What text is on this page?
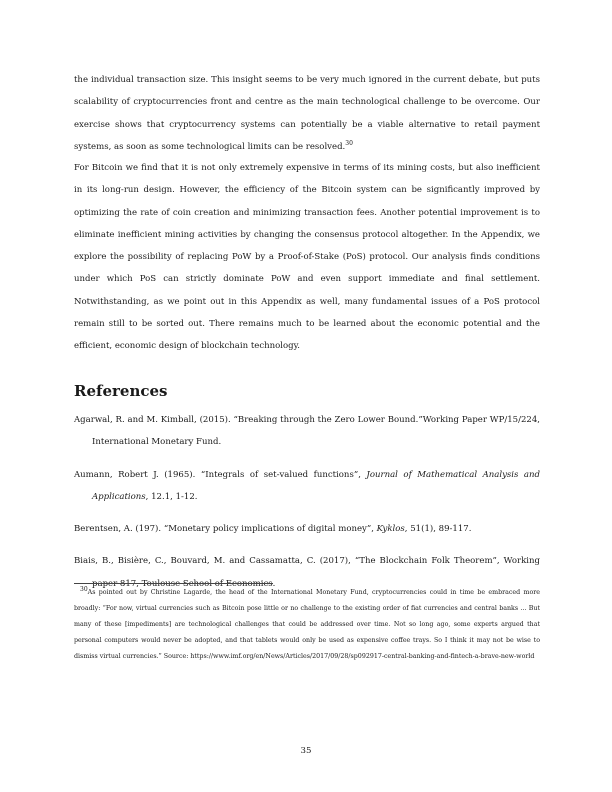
the individual transaction size. This insight seems to be very much ignored in the current debate, but puts scalability of cryptocurrencies front and centre as the main technological challenge to be overcome. Our exercise shows that cryptocurrency systems can potentially be a viable alternative to retail payment systems, as soon as some technological limits can be resolved.$^{30}$

For Bitcoin we find that it is not only extremely expensive in terms of its mining costs, but also inefficient in its long-run design. However, the efficiency of the Bitcoin system can be significantly improved by optimizing the rate of coin creation and minimizing transaction fees. Another potential improvement is to eliminate inefficient mining activities by changing the consensus protocol altogether. In the Appendix, we explore the possibility of replacing PoW by a Proof-of-Stake (PoS) protocol. Our analysis finds conditions under which PoS can strictly dominate PoW and even support immediate and final settlement. Notwithstanding, as we point out in this Appendix as well, many fundamental issues of a PoS protocol remain still to be sorted out. There remains much to be learned about the economic potential and the efficient, economic design of blockchain technology.

References

Agarwal, R. and M. Kimball, (2015). “Breaking through the Zero Lower Bound.”Working Paper WP/15/224, International Monetary Fund.

Aumann, Robert J. (1965). “Integrals of set-valued functions”, Journal of Mathematical Analysis and Applications, 12.1, 1-12.

Berentsen, A. (197). “Monetary policy implications of digital money”, Kyklos, 51(1), 89-117.

Biais, B., Bisière, C., Bouvard, M. and Cassamatta, C. (2017), “The Blockchain Folk Theorem”, Working paper 817, Toulouse School of Economics.

$^{30}$As pointed out by Christine Lagarde, the head of the International Monetary Fund, cryptocurrencies could in time be embraced more broadly: “For now, virtual currencies such as Bitcoin pose little or no challenge to the existing order of fiat currencies and central banks ... But many of these [impediments] are technological challenges that could be addressed over time. Not so long ago, some experts argued that personal computers would never be adopted, and that tablets would only be used as expensive coffee trays. So I think it may not be wise to dismiss virtual currencies.” Source: https://www.imf.org/en/News/Articles/2017/09/28/sp092917-central-banking-and-fintech-a-brave-new-world

35
